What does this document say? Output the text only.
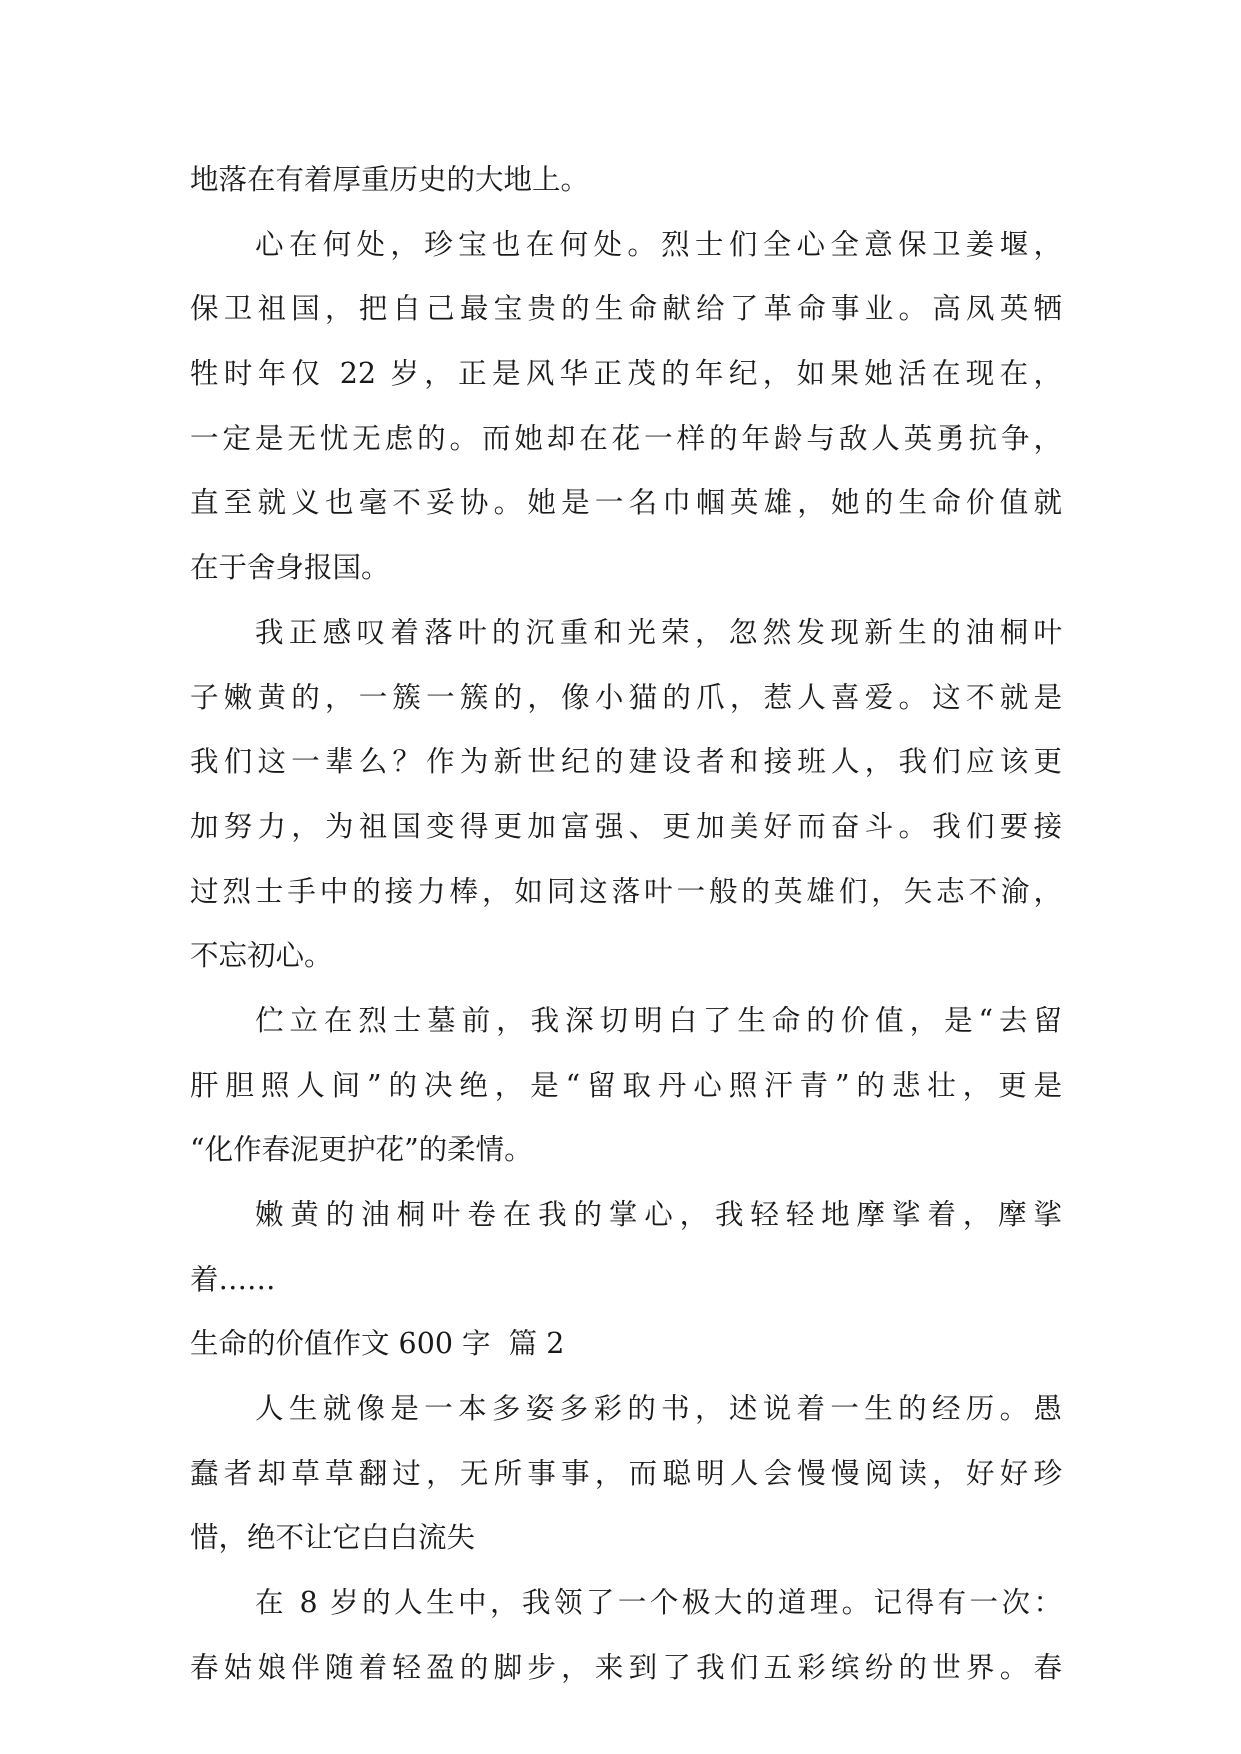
地落在有着厚重历史的大地上。
心在何处，珍宝也在何处。烈士们全心全意保卫姜堰，
保卫祖国，把自己最宝贵的生命献给了革命事业。高凤英牺
牲时年仅 22 岁，正是风华正茂的年纪，如果她活在现在，
一定是无忧无虑的。而她却在花一样的年龄与敌人英勇抗争，
直至就义也毫不妥协。她是一名巾帼英雄，她的生命价值就
在于舍身报国。
我正感叹着落叶的沉重和光荣，忽然发现新生的油桐叶
子嫩黄的，一簇一簇的，像小猫的爪，惹人喜爱。这不就是
我们这一辈么？作为新世纪的建设者和接班人，我们应该更
加努力，为祖国变得更加富强、更加美好而奋斗。我们要接
过烈士手中的接力棒，如同这落叶一般的英雄们，矢志不渝，
不忘初心。
伫立在烈士墓前，我深切明白了生命的价值，是“去留
肝胆照人间”的决绝，是“留取丹心照汗青”的悲壮，更是
“化作春泥更护花”的柔情。
嫩黄的油桐叶卷在我的掌心，我轻轻地摩挲着，摩挲
着……
生命的价值作文 600 字  篇 2
人生就像是一本多姿多彩的书，述说着一生的经历。愚
蠢者却草草翻过，无所事事，而聪明人会慢慢阅读，好好珍
惜，绝不让它白白流失
在 8 岁的人生中，我领了一个极大的道理。记得有一次：
春姑娘伴随着轻盈的脚步，来到了我们五彩缤纷的世界。春
